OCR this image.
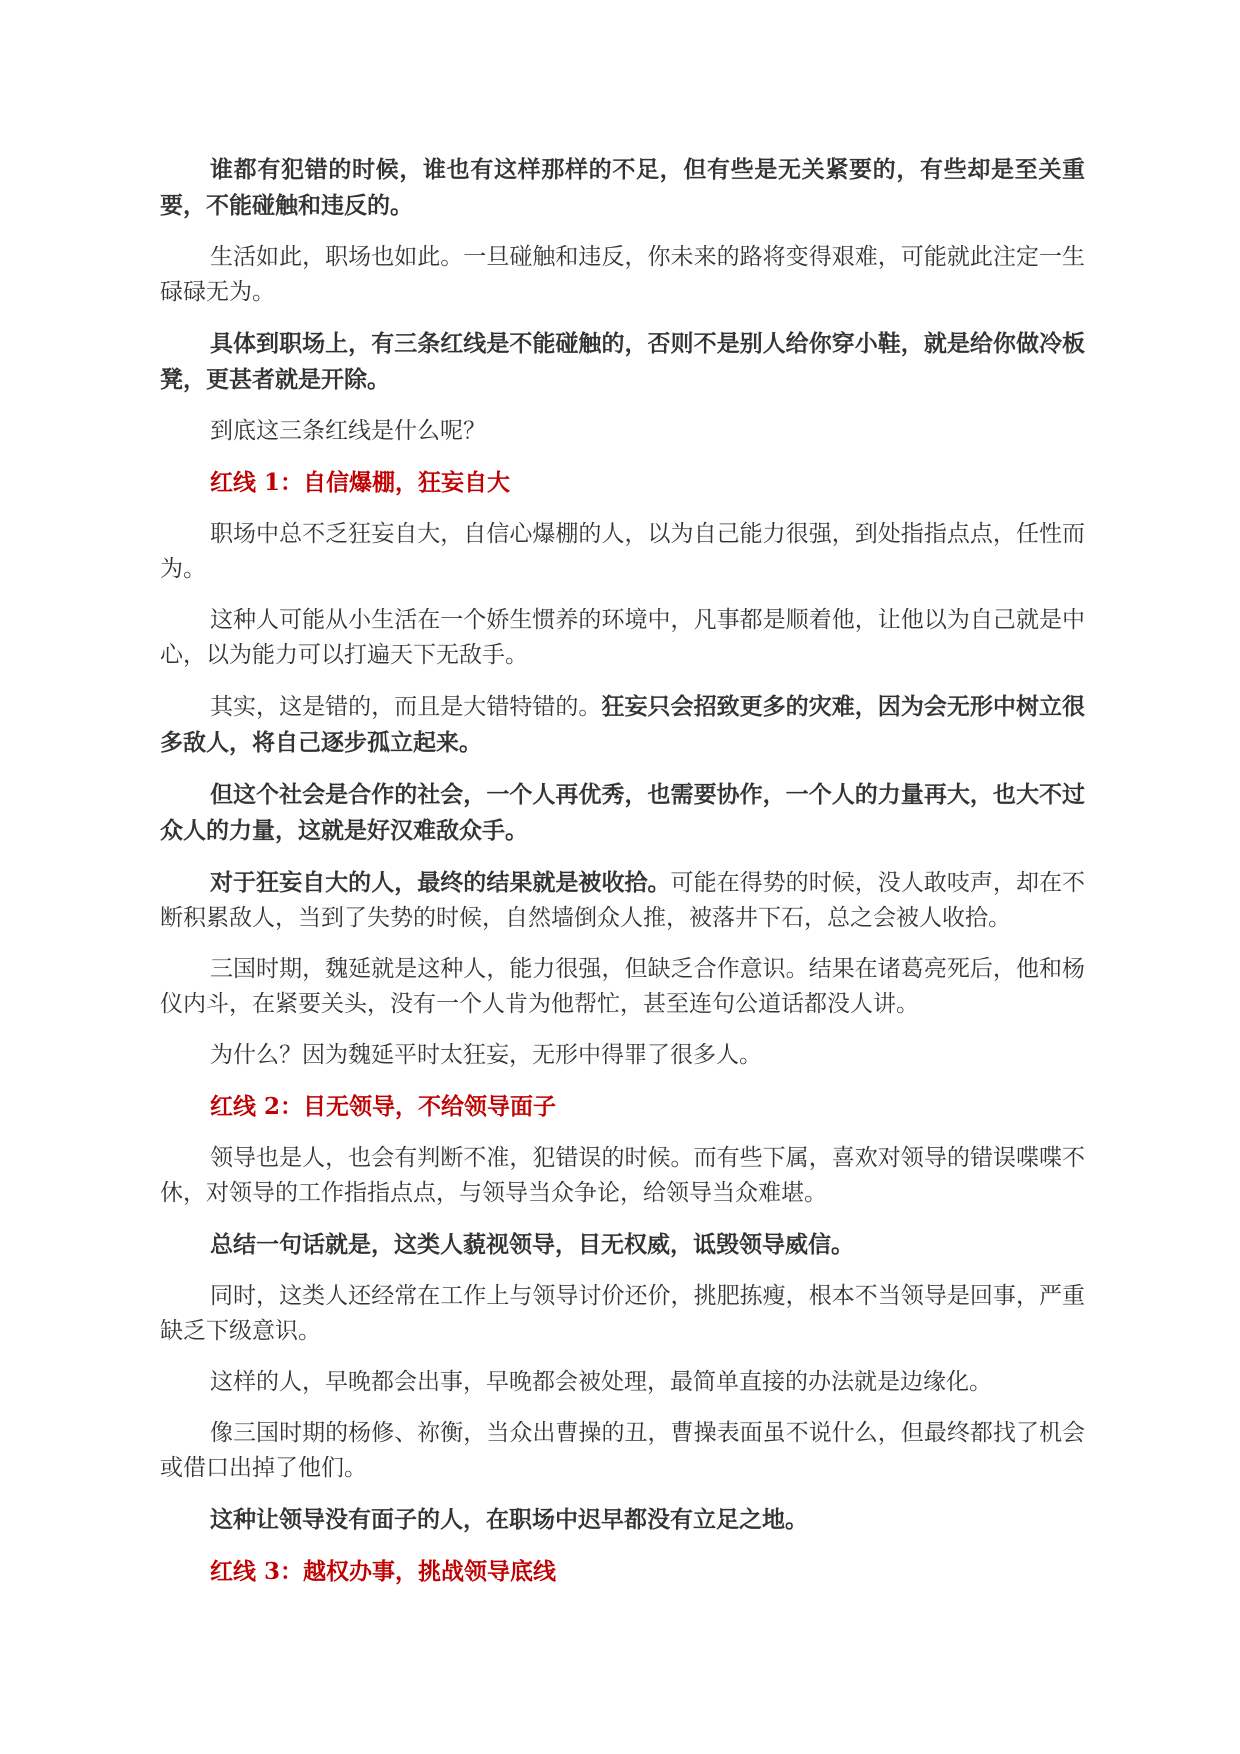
谁都有犯错的时候，谁也有这样那样的不足，但有些是无关紧要的，有些却是至关重要，不能碰触和违反的。

生活如此，职场也如此。一旦碰触和违反，你未来的路将变得艰难，可能就此注定一生碌碌无为。

具体到职场上，有三条红线是不能碰触的，否则不是别人给你穿小鞋，就是给你做冷板凳，更甚者就是开除。

到底这三条红线是什么呢？

红线 1：自信爆棚，狂妄自大

职场中总不乏狂妄自大，自信心爆棚的人，以为自己能力很强，到处指指点点，任性而为。

这种人可能从小生活在一个娇生惯养的环境中，凡事都是顺着他，让他以为自己就是中心，以为能力可以打遍天下无敌手。

其实，这是错的，而且是大错特错的。狂妄只会招致更多的灾难，因为会无形中树立很多敌人，将自己逐步孤立起来。

但这个社会是合作的社会，一个人再优秀，也需要协作，一个人的力量再大，也大不过众人的力量，这就是好汉难敌众手。

对于狂妄自大的人，最终的结果就是被收拾。可能在得势的时候，没人敢吱声，却在不断积累敌人，当到了失势的时候，自然墙倒众人推，被落井下石，总之会被人收拾。

三国时期，魏延就是这种人，能力很强，但缺乏合作意识。结果在诸葛亮死后，他和杨仪内斗，在紧要关头，没有一个人肯为他帮忙，甚至连句公道话都没人讲。

为什么？因为魏延平时太狂妄，无形中得罪了很多人。

红线 2：目无领导，不给领导面子

领导也是人，也会有判断不准，犯错误的时候。而有些下属，喜欢对领导的错误喋喋不休，对领导的工作指指点点，与领导当众争论，给领导当众难堪。

总结一句话就是，这类人藐视领导，目无权威，诋毁领导威信。

同时，这类人还经常在工作上与领导讨价还价，挑肥拣瘦，根本不当领导是回事，严重缺乏下级意识。

这样的人，早晚都会出事，早晚都会被处理，最简单直接的办法就是边缘化。

像三国时期的杨修、祢衡，当众出曹操的丑，曹操表面虽不说什么，但最终都找了机会或借口出掉了他们。

这种让领导没有面子的人，在职场中迟早都没有立足之地。

红线 3：越权办事，挑战领导底线
